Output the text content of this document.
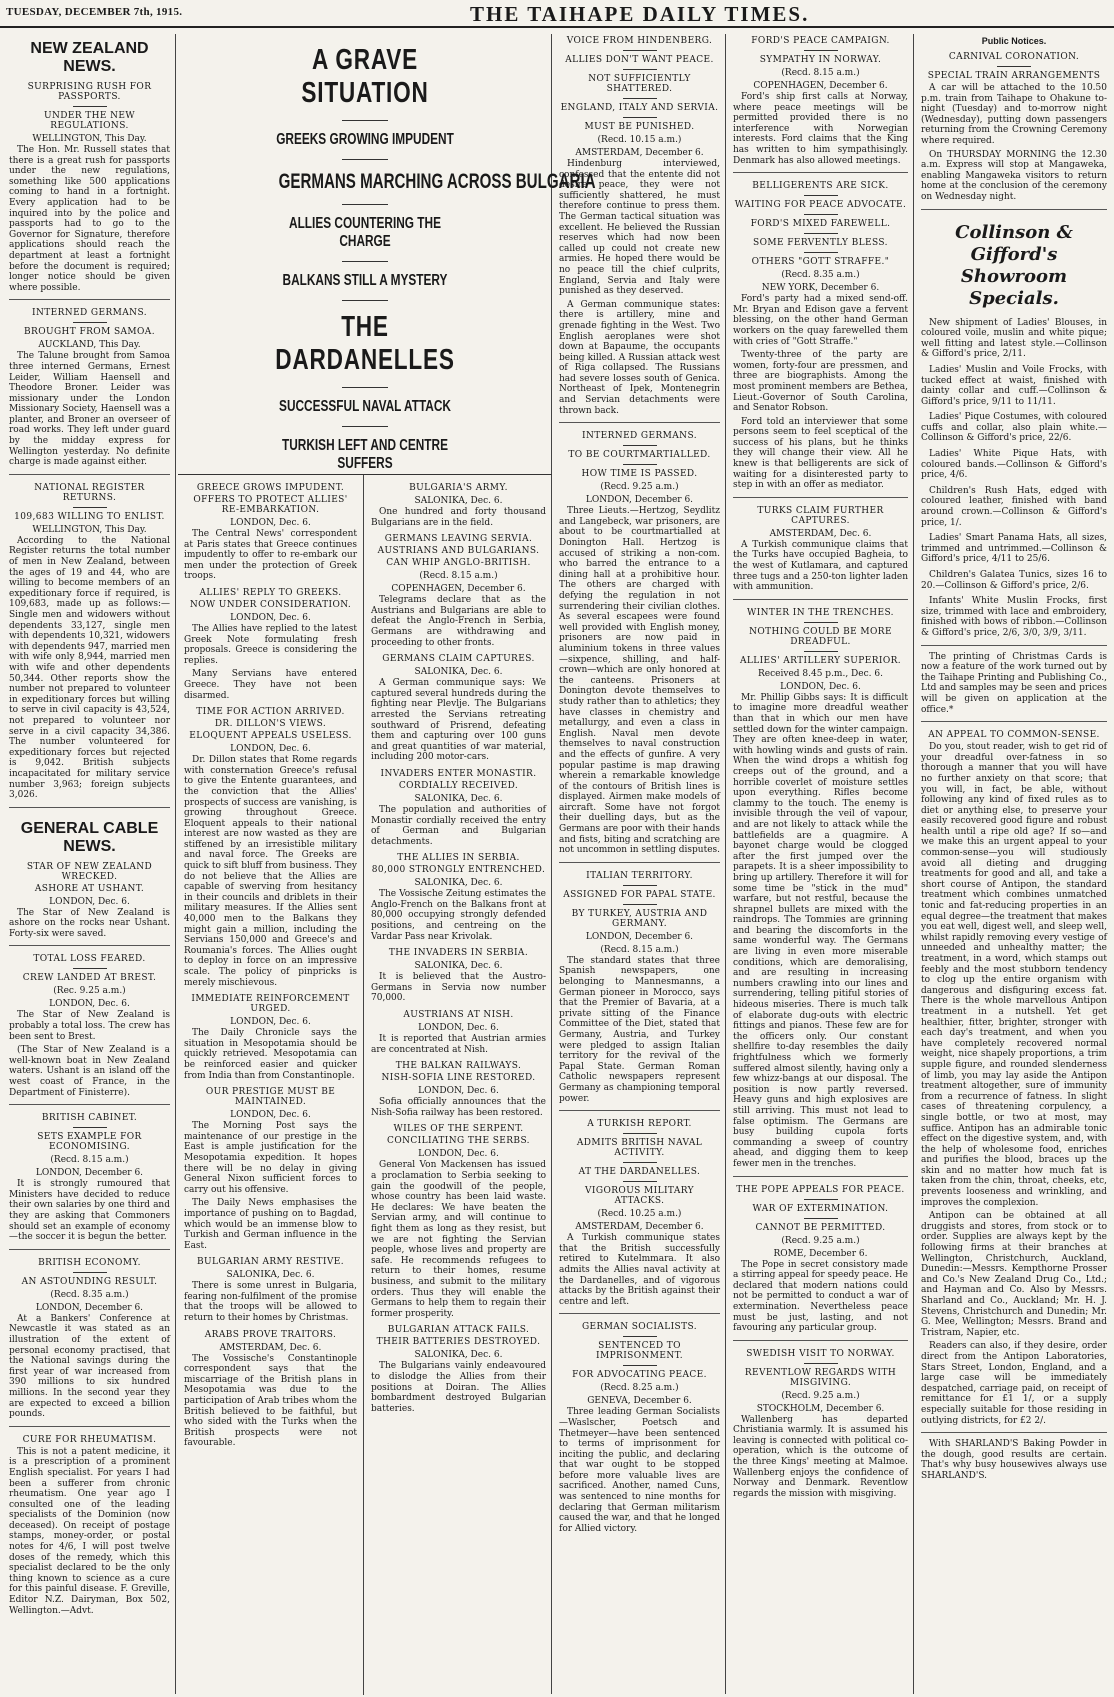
TUESDAY, DECEMBER 7th, 1915.	THE TAIHAPE DAILY TIMES.
NEW ZEALAND NEWS.
SURPRISING RUSH FOR PASSPORTS.
UNDER THE NEW REGULATIONS.
WELLINGTON, This Day.
The Hon. Mr. Russell states that there is a great rush for passports under the new regulations, something like 500 applications coming to hand in a fortnight. Every application had to be inquired into by the police and passports had to go to the Governor for Signature, therefore applications should reach the department at least a fortnight before the document is required; longer notice should be given where possible.
INTERNED GERMANS.
BROUGHT FROM SAMOA.
AUCKLAND, This Day.
The Talune brought from Samoa three interned Germans, Ernest Leider, William Haensell and Theodore Broner. Leider was missionary under the London Missionary Society, Haensell was a planter, and Broner an overseer of road works. They left under guard by the midday express for Wellington yesterday. No definite charge is made against either.
NATIONAL REGISTER RETURNS.
109,683 WILLING TO ENLIST.
WELLINGTON, This Day.
According to the National Register returns the total number of men in New Zealand, between the ages of 19 and 44, who are willing to become members of an expeditionary force if required, is 109,683, made up as follows:—Single men and widowers without dependents 33,127, single men with dependents 10,321, widowers with dependents 947, married men with wife only 8,944, married men with wife and other dependents 50,344. Other reports show the number not prepared to volunteer in expeditionary forces but willing to serve in civil capacity is 43,524, not prepared to volunteer nor serve in a civil capacity 34,386. The number volunteered for expeditionary forces but rejected is 9,042. British subjects incapacitated for military service number 3,963; foreign subjects 3,026.
GENERAL CABLE NEWS.
STAR OF NEW ZEALAND WRECKED.
ASHORE AT USHANT.
LONDON, Dec. 6.
The Star of New Zealand is ashore on the rocks near Ushant. Forty-six were saved.
TOTAL LOSS FEARED.
CREW LANDED AT BREST.
(Rec. 9.25 a.m.)
LONDON, Dec. 6.
The Star of New Zealand is probably a total loss. The crew has been sent to Brest.
(The Star of New Zealand is a well-known boat in New Zealand waters. Ushant is an island off the west coast of France, in the Department of Finisterre).
BRITISH CABINET.
SETS EXAMPLE FOR ECONOMISING.
(Recd. 8.15 a.m.)
LONDON, December 6.
It is strongly rumoured that Ministers have decided to reduce their own salaries by one third and they are asking that Commoners should set an example of economy—the soccer it is begun the better.
BRITISH ECONOMY.
AN ASTOUNDING RESULT.
(Recd. 8.35 a.m.)
LONDON, December 6.
At a Bankers' Conference at Newcastle it was stated as an illustration of the extent of personal economy practised, that the National savings during the first year of war increased from 390 millions to six hundred millions. In the second year they are expected to exceed a billion pounds.
CURE FOR RHEUMATISM.
This is not a patent medicine, it is a prescription of a prominent English specialist. For years I had been a sufferer from chronic rheumatism. One year ago I consulted one of the leading specialists of the Dominion (now deceased). On receipt of postage stamps, money-order, or postal notes for 4/6, I will post twelve doses of the remedy, which this specialist declared to be the only thing known to science as a cure for this painful disease. F. Greville, Editor N.Z. Dairyman, Box 502, Wellington.—Advt.
A GRAVE SITUATION
GREEKS GROWING IMPUDENT
GERMANS MARCHING ACROSS BULGARIA
ALLIES COUNTERING THE CHARGE
BALKANS STILL A MYSTERY
THE DARDANELLES
SUCCESSFUL NAVAL ATTACK
TURKISH LEFT AND CENTRE SUFFERS
GREECE GROWS IMPUDENT.
OFFERS TO PROTECT ALLIES' RE-EMBARKATION.
LONDON, Dec. 6.
The Central News' correspondent at Paris states that Greece continues impudently to offer to re-embark our men under the protection of Greek troops.
ALLIES' REPLY TO GREEKS.
NOW UNDER CONSIDERATION.
LONDON, Dec. 6.
The Allies have replied to the latest Greek Note formulating fresh proposals. Greece is considering the replies.
Many Servians have entered Greece. They have not been disarmed.
TIME FOR ACTION ARRIVED.
DR. DILLON'S VIEWS.
ELOQUENT APPEALS USELESS.
LONDON, Dec. 6.
Dr. Dillon states that Rome regards with consternation Greece's refusal to give the Entente guarantees, and the conviction that the Allies' prospects of success are vanishing, is growing throughout Greece. Eloquent appeals to their national interest are now wasted as they are stiffened by an irresistible military and naval force. The Greeks are quick to sift bluff from business. They do not believe that the Allies are capable of swerving from hesitancy in their councils and driblets in their military measures. If the Allies sent 40,000 men to the Balkans they might gain a million, including the Servians 150,000 and Greece's and Roumania's forces. The Allies ought to deploy in force on an impressive scale. The policy of pinpricks is merely mischievous.
IMMEDIATE REINFORCEMENT URGED.
LONDON, Dec. 6.
The Daily Chronicle says the situation in Mesopotamia should be quickly retrieved. Mesopotamia can be reinforced easier and quicker from India than from Constantinople.
OUR PRESTIGE MUST BE MAINTAINED.
LONDON, Dec. 6.
The Morning Post says the maintenance of our prestige in the East is ample justification for the Mesopotamia expedition. It hopes there will be no delay in giving General Nixon sufficient forces to carry out his offensive.
The Daily News emphasises the importance of pushing on to Bagdad, which would be an immense blow to Turkish and German influence in the East.
BULGARIAN ARMY RESTIVE.
SALONIKA, Dec. 6.
There is some unrest in Bulgaria, fearing non-fulfilment of the promise that the troops will be allowed to return to their homes by Christmas.
ARABS PROVE TRAITORS.
AMSTERDAM, Dec. 6.
The Vossische's Constantinople correspondent says that the miscarriage of the British plans in Mesopotamia was due to the participation of Arab tribes whom the British believed to be faithful, but who sided with the Turks when the British prospects were not favourable.
BULGARIA'S ARMY.
SALONIKA, Dec. 6.
One hundred and forty thousand Bulgarians are in the field.
GERMANS LEAVING SERVIA.
AUSTRIANS AND BULGARIANS.
CAN WHIP ANGLO-BRITISH.
(Recd. 8.15 a.m.)
COPENHAGEN, December 6.
Telegrams declare that as the Austrians and Bulgarians are able to defeat the Anglo-French in Serbia, Germans are withdrawing and proceeding to other fronts.
GERMANS CLAIM CAPTURES.
SALONIKA, Dec. 6.
A German communique says: We captured several hundreds during the fighting near Plevlje. The Bulgarians arrested the Servians retreating southward of Prisrend, defeating them and capturing over 100 guns and great quantities of war material, including 200 motor-cars.
INVADERS ENTER MONASTIR.
CORDIALLY RECEIVED.
SALONIKA, Dec. 6.
The population and authorities of Monastir cordially received the entry of German and Bulgarian detachments.
THE ALLIES IN SERBIA.
80,000 STRONGLY ENTRENCHED.
SALONIKA, Dec. 6.
The Vossische Zeitung estimates the Anglo-French on the Balkans front at 80,000 occupying strongly defended positions, and centreing on the Vardar Pass near Krivolak.
THE INVADERS IN SERBIA.
SALONIKA, Dec. 6.
It is believed that the Austro-Germans in Servia now number 70,000.
AUSTRIANS AT NISH.
LONDON, Dec. 6.
It is reported that Austrian armies are concentrated at Nish.
THE BALKAN RAILWAYS.
NISH-SOFIA LINE RESTORED.
LONDON, Dec. 6.
Sofia officially announces that the Nish-Sofia railway has been restored.
WILES OF THE SERPENT.
CONCILIATING THE SERBS.
LONDON, Dec. 6.
General Von Mackensen has issued a proclamation to Serbia seeking to gain the goodwill of the people, whose country has been laid waste. He declares: We have beaten the Servian army, and will continue to fight them as long as they resist, but we are not fighting the Servian people, whose lives and property are safe. He recommends refugees to return to their homes, resume business, and submit to the military orders. Thus they will enable the Germans to help them to regain their former prosperity.
BULGARIAN ATTACK FAILS.
THEIR BATTERIES DESTROYED.
SALONIKA, Dec. 6.
The Bulgarians vainly endeavoured to dislodge the Allies from their positions at Doiran. The Allies bombardment destroyed Bulgarian batteries.
VOICE FROM HINDENBERG.
ALLIES DON'T WANT PEACE.
NOT SUFFICIENTLY SHATTERED.
ENGLAND, ITALY AND SERVIA.
MUST BE PUNISHED.
(Recd. 10.15 a.m.)
AMSTERDAM, December 6.
Hindenburg interviewed, confessed that the entente did not desire peace, they were not sufficiently shattered, he must therefore continue to press them. The German tactical situation was excellent. He believed the Russian reserves which had now been called up could not create new armies. He hoped there would be no peace till the chief culprits, England, Servia and Italy were punished as they deserved.
A German communique states: there is artillery, mine and grenade fighting in the West. Two English aeroplanes were shot down at Bapaume, the occupants being killed. A Russian attack west of Riga collapsed. The Russians had severe losses south of Genica. Northeast of Ipek, Montenegrin and Servian detachments were thrown back.
INTERNED GERMANS.
TO BE COURTMARTIALLED.
HOW TIME IS PASSED.
(Recd. 9.25 a.m.)
LONDON, December 6.
Three Lieuts.—Hertzog, Seydlitz and Langebeck, war prisoners, are about to be courtmartialled at Donington Hall. Hertzog is accused of striking a non-com. who barred the entrance to a dining hall at a prohibitive hour. The others are charged with defying the regulation in not surrendering their civilian clothes. As several escapees were found well provided with English money, prisoners are now paid in aluminium tokens in three values—sixpence, shilling, and half-crown—which are only honored at the canteens. Prisoners at Donington devote themselves to study rather than to athletics; they have classes in chemistry and metallurgy, and even a class in English. Naval men devote themselves to naval construction and the effects of gunfire. A very popular pastime is map drawing wherein a remarkable knowledge of the contours of British lines is displayed. Airmen make models of aircraft. Some have not forgot their duelling days, but as the Germans are poor with their hands and fists, biting and scratching are not uncommon in settling disputes.
ITALIAN TERRITORY.
ASSIGNED FOR PAPAL STATE.
BY TURKEY, AUSTRIA AND GERMANY.
LONDON, December 6.
(Recd. 8.15 a.m.)
The standard states that three Spanish newspapers, one belonging to Mannesmanns, a German pioneer in Morocco, says that the Premier of Bavaria, at a private sitting of the Finance Committee of the Diet, stated that Germany, Austria, and Turkey were pledged to assign Italian territory for the revival of the Papal State. German Roman Catholic newspapers represent Germany as championing temporal power.
A TURKISH REPORT.
ADMITS BRITISH NAVAL ACTIVITY.
AT THE DARDANELLES.
VIGOROUS MILITARY ATTACKS.
(Recd. 10.25 a.m.)
AMSTERDAM, December 6.
A Turkish communique states that the British successfully retired to Kutelmmara. It also admits the Allies naval activity at the Dardanelles, and of vigorous attacks by the British against their centre and left.
GERMAN SOCIALISTS.
SENTENCED TO IMPRISONMENT.
FOR ADVOCATING PEACE.
(Recd. 8.25 a.m.)
GENEVA, December 6.
Three leading German Socialists—Waslscher, Poetsch and Thetmeyer—have been sentenced to terms of imprisonment for inciting the public, and declaring that war ought to be stopped before more valuable lives are sacrificed. Another, named Cuns, was sentenced to nine months for declaring that German militarism caused the war, and that he longed for Allied victory.
FORD'S PEACE CAMPAIGN.
SYMPATHY IN NORWAY.
(Recd. 8.15 a.m.)
COPENHAGEN, December 6.
Ford's ship first calls at Norway, where peace meetings will be permitted provided there is no interference with Norwegian interests. Ford claims that the King has written to him sympathisingly. Denmark has also allowed meetings.
BELLIGERENTS ARE SICK.
WAITING FOR PEACE ADVOCATE.
FORD'S MIXED FAREWELL.
SOME FERVENTLY BLESS.
OTHERS "GOTT STRAFFE."
(Recd. 8.35 a.m.)
NEW YORK, December 6.
Ford's party had a mixed send-off. Mr. Bryan and Edison gave a fervent blessing, on the other hand German workers on the quay farewelled them with cries of "Gott Straffe."
Twenty-three of the party are women, forty-four are pressmen, and three are biographists. Among the most prominent members are Bethea, Lieut.-Governor of South Carolina, and Senator Robson.
Ford told an interviewer that some persons seem to feel sceptical of the success of his plans, but he thinks they will change their view. All he knew is that belligerents are sick of waiting for a disinterested party to step in with an offer as mediator.
TURKS CLAIM FURTHER CAPTURES.
AMSTERDAM, Dec. 6.
A Turkish communique claims that the Turks have occupied Bagheia, to the west of Kutlamara, and captured three tugs and a 250-ton lighter laden with ammunition.
WINTER IN THE TRENCHES.
NOTHING COULD BE MORE DREADFUL.
ALLIES' ARTILLERY SUPERIOR.
Received 8.45 p.m., Dec. 6.
LONDON, Dec. 6.
Mr. Phillip Gibbs says: It is difficult to imagine more dreadful weather than that in which our men have settled down for the winter campaign. They are often knee-deep in water, with howling winds and gusts of rain. When the wind drops a whitish fog creeps out of the ground, and a horrible coverlet of moisture settles upon everything. Rifles become clammy to the touch. The enemy is invisible through the veil of vapour, and are not likely to attack while the battlefields are a quagmire. A bayonet charge would be clogged after the first jumped over the parapets. It is a sheer impossibility to bring up artillery. Therefore it will for some time be "stick in the mud" warfare, but not restful, because the shrapnel bullets are mixed with the raindrops. The Tommies are grinning and bearing the discomforts in the same wonderful way. The Germans are living in even more miserable conditions, which are demoralising, and are resulting in increasing numbers crawling into our lines and surrendering, telling pitiful stories of hideous miseries. There is much talk of elaborate dug-outs with electric fittings and pianos. These few are for the officers only. Our constant shellfire to-day resembles the daily frightfulness which we formerly suffered almost silently, having only a few whizz-bangs at our disposal. The position is now partly reversed. Heavy guns and high explosives are still arriving. This must not lead to false optimism. The Germans are busy building cupola forts commanding a sweep of country ahead, and digging them to keep fewer men in the trenches.
THE POPE APPEALS FOR PEACE.
WAR OF EXTERMINATION.
CANNOT BE PERMITTED.
(Recd. 9.25 a.m.)
ROME, December 6.
The Pope in secret consistory made a stirring appeal for speedy peace. He declared that modern nations could not be permitted to conduct a war of extermination. Nevertheless peace must be just, lasting, and not favouring any particular group.
SWEDISH VISIT TO NORWAY.
REVENTLOW REGARDS WITH MISGIVING.
(Recd. 9.25 a.m.)
STOCKHOLM, December 6.
Wallenberg has departed Christiania warmly. It is assumed his leaving is connected with political co-operation, which is the outcome of the three Kings' meeting at Malmoe. Wallenberg enjoys the confidence of Norway and Denmark. Reventlow regards the mission with misgiving.
Public Notices.
CARNIVAL CORONATION.
SPECIAL TRAIN ARRANGEMENTS
A car will be attached to the 10.50 p.m. train from Taihape to Ohakune to-night (Tuesday) and to-morrow night (Wednesday), putting down passengers returning from the Crowning Ceremony where required.
On THURSDAY MORNING the 12.30 a.m. Express will stop at Mangaweka, enabling Mangaweka visitors to return home at the conclusion of the ceremony on Wednesday night.
Collinson & Gifford's Showroom Specials.
New shipment of Ladies' Blouses, in coloured voile, muslin and white pique; well fitting and latest style.—Collinson & Gifford's price, 2/11.
Ladies' Muslin and Voile Frocks, with tucked effect at waist, finished with dainty collar and cuff.—Collinson & Gifford's price, 9/11 to 11/11.
Ladies' Pique Costumes, with coloured cuffs and collar, also plain white.—Collinson & Gifford's price, 22/6.
Ladies' White Pique Hats, with coloured bands.—Collinson & Gifford's price, 4/6.
Children's Rush Hats, edged with coloured leather, finished with band around crown.—Collinson & Gifford's price, 1/.
Ladies' Smart Panama Hats, all sizes, trimmed and untrimmed.—Collinson & Gifford's price, 4/11 to 25/6.
Children's Galatea Tunics, sizes 16 to 20.—Collinson & Gifford's price, 2/6.
Infants' White Muslin Frocks, first size, trimmed with lace and embroidery, finished with bows of ribbon.—Collinson & Gifford's price, 2/6, 3/0, 3/9, 3/11.
The printing of Christmas Cards is now a feature of the work turned out by the Taihape Printing and Publishing Co., Ltd and samples may be seen and prices will be given on application at the office.*
AN APPEAL TO COMMON-SENSE.
Do you, stout reader, wish to get rid of your dreadful over-fatness in so thorough a manner that you will have no further anxiety on that score; that you will, in fact, be able, without following any kind of fixed rules as to diet or anything else, to preserve your easily recovered good figure and robust health until a ripe old age? If so—and we make this an urgent appeal to your common-sense—you will studiously avoid all dieting and drugging treatments for good and all, and take a short course of Antipon, the standard treatment which combines unmatched tonic and fat-reducing properties in an equal degree—the treatment that makes you eat well, digest well, and sleep well, whilst rapidly removing every vestige of unneeded and unhealthy matter; the treatment, in a word, which stamps out feebly and the most stubborn tendency to clog up the entire organism with dangerous and disfiguring excess fat. There is the whole marvellous Antipon treatment in a nutshell. Yet get healthier, fitter, brighter, stronger with each day's treatment, and when you have completely recovered normal weight, nice shapely proportions, a trim supple figure, and rounded slenderness of limb, you may lay aside the Antipon treatment altogether, sure of immunity from a recurrence of fatness. In slight cases of threatening corpulency, a single bottle, or two at most, may suffice. Antipon has an admirable tonic effect on the digestive system, and, with the help of wholesome food, enriches and purifies the blood, braces up the skin and no matter how much fat is taken from the chin, throat, cheeks, etc, prevents looseness and wrinkling, and improves the complexion.
Antipon can be obtained at all druggists and stores, from stock or to order. Supplies are always kept by the following firms at their branches at Wellington, Christchurch, Auckland, Dunedin:—Messrs. Kempthorne Prosser and Co.'s New Zealand Drug Co., Ltd.; and Hayman and Co. Also by Messrs. Sharland and Co., Auckland; Mr. H. J. Stevens, Christchurch and Dunedin; Mr. G. Mee, Wellington; Messrs. Brand and Tristram, Napier, etc.
Readers can also, if they desire, order direct from the Antipon Laboratories, Stars Street, London, England, and a large case will be immediately despatched, carriage paid, on receipt of remittance for £1 1/, or a supply especially suitable for those residing in outlying districts, for £2 2/.
With SHARLAND'S Baking Powder in the dough, good results are certain. That's why busy housewives always use SHARLAND'S.
